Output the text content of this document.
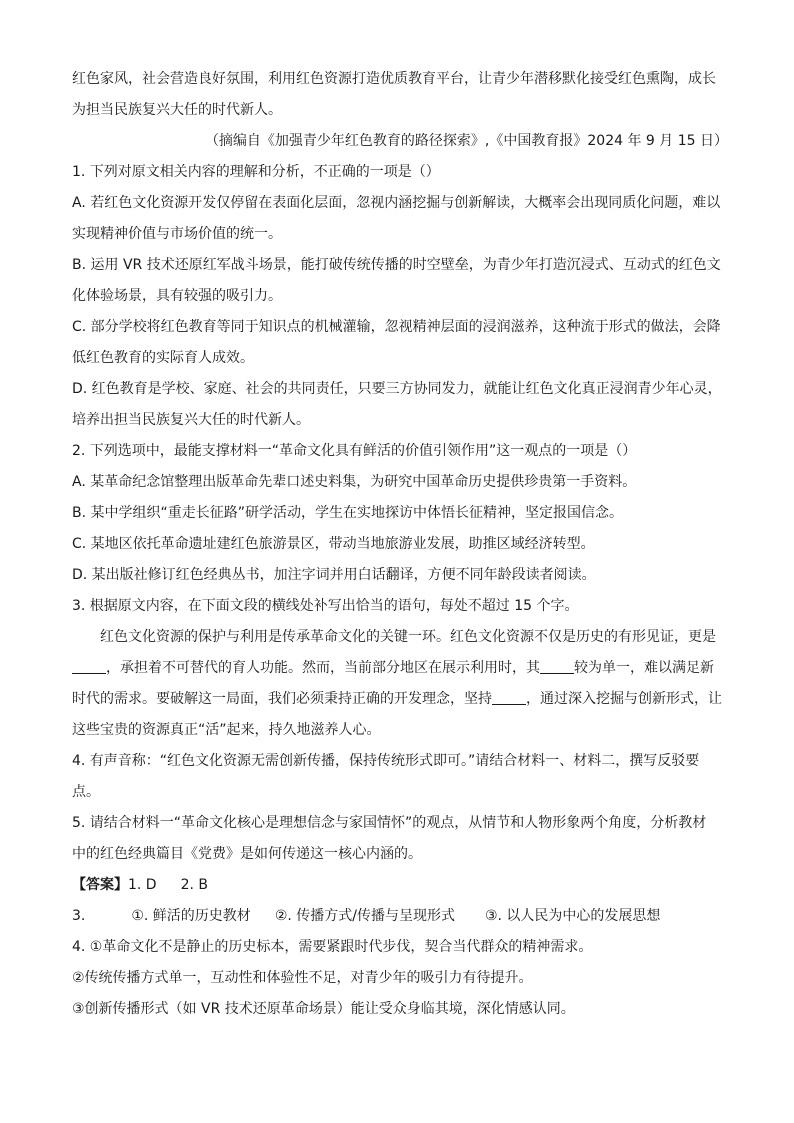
红色家风，社会营造良好氛围，利用红色资源打造优质教育平台，让青少年潜移默化接受红色熏陶，成长

为担当民族复兴大任的时代新人。

（摘编自《加强青少年红色教育的路径探索》,《中国教育报》2024 年 9 月 15 日）

1. 下列对原文相关内容的理解和分析，不正确的一项是（）

A. 若红色文化资源开发仅停留在表面化层面，忽视内涵挖掘与创新解读，大概率会出现同质化问题，难以

实现精神价值与市场价值的统一。

B. 运用 VR 技术还原红军战斗场景，能打破传统传播的时空壁垒，为青少年打造沉浸式、互动式的红色文

化体验场景，具有较强的吸引力。

C. 部分学校将红色教育等同于知识点的机械灌输，忽视精神层面的浸润滋养，这种流于形式的做法，会降

低红色教育的实际育人成效。

D. 红色教育是学校、家庭、社会的共同责任，只要三方协同发力，就能让红色文化真正浸润青少年心灵，

培养出担当民族复兴大任的时代新人。

2. 下列选项中，最能支撑材料一“革命文化具有鲜活的价值引领作用”这一观点的一项是（）

A. 某革命纪念馆整理出版革命先辈口述史料集，为研究中国革命历史提供珍贵第一手资料。

B. 某中学组织“重走长征路”研学活动，学生在实地探访中体悟长征精神，坚定报国信念。

C. 某地区依托革命遗址建红色旅游景区，带动当地旅游业发展，助推区域经济转型。

D. 某出版社修订红色经典丛书，加注字词并用白话翻译，方便不同年龄段读者阅读。

3. 根据原文内容，在下面文段的横线处补写出恰当的语句，每处不超过 15 个字。

红色文化资源的保护与利用是传承革命文化的关键一环。红色文化资源不仅是历史的有形见证，更是

，承担着不可替代的育人功能。然而，当前部分地区在展示利用时，其 较为单一，难以满足新

时代的需求。要破解这一局面，我们必须秉持正确的开发理念，坚持 ，通过深入挖掘与创新形式，让

这些宝贵的资源真正“活”起来，持久地滋养人心。

4. 有声音称：“红色文化资源无需创新传播，保持传统形式即可。”请结合材料一、材料二，撰写反驳要

点。

5. 请结合材料一“革命文化核心是理想信念与家国情怀”的观点，从情节和人物形象两个角度，分析教材

中的红色经典篇目《党费》是如何传递这一核心内涵的。

【答案】1. D 2. B

3.	①. 鲜活的历史教材 ②. 传播方式/传播与呈现形式 ③. 以人民为中心的发展思想

4. ①革命文化不是静止的历史标本，需要紧跟时代步伐，契合当代群众的精神需求。

②传统传播方式单一，互动性和体验性不足，对青少年的吸引力有待提升。

③创新传播形式（如 VR 技术还原革命场景）能让受众身临其境，深化情感认同。
